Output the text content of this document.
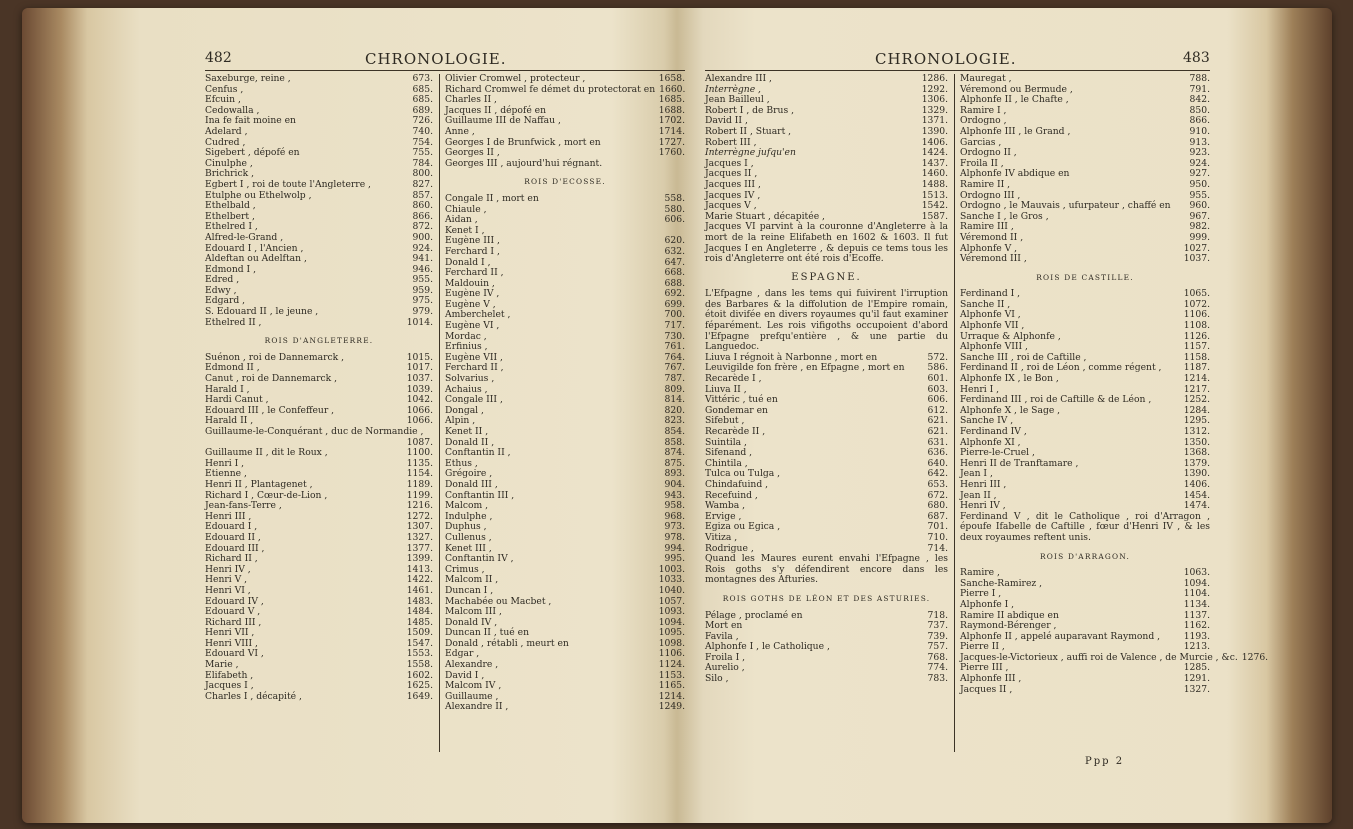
482	CHRONOLOGIE.
Saxeburge, reine ,	673.
Cenfus ,	685.
Efcuin ,	685.
Cedowalla ,	689.
Ina fe fait moine en	726.
Adelard ,	740.
Cudred ,	754.
Sigebert , dépofé en	755.
Cinulphe ,	784.
Brichrick ,	800.
Egbert I , roi de toute l'Angleterre ,	827.
Etulphe ou Ethelwolp ,	857.
Ethelbald ,	860.
Ethelbert ,	866.
Ethelred I ,	872.
Alfred-le-Grand ,	900.
Edouard I , l'Ancien ,	924.
Aldeftan ou Adelftan ,	941.
Edmond I ,	946.
Edred ,	955.
Edwy ,	959.
Edgard ,	975.
S. Edouard II , le jeune ,	979.
Ethelred II ,	1014.
ROIS D'ANGLETERRE.
Suénon , roi de Dannemarck ,	1015.
Edmond II ,	1017.
Canut , roi de Dannemarck ,	1037.
Harald I ,	1039.
Hardi Canut ,	1042.
Edouard III , le Confeffeur ,	1066.
Harald II ,	1066.
Guillaume-le-Conquérant , duc de Normandie ,
1087.
Guillaume II , dit le Roux ,	1100.
Henri I ,	1135.
Etienne ,	1154.
Henri II , Plantagenet ,	1189.
Richard I , Cœur-de-Lion ,	1199.
Jean-fans-Terre ,	1216.
Henri III ,	1272.
Edouard I ,	1307.
Edouard II ,	1327.
Edouard III ,	1377.
Richard II ,	1399.
Henri IV ,	1413.
Henri V ,	1422.
Henri VI ,	1461.
Edouard IV ,	1483.
Edouard V ,	1484.
Richard III ,	1485.
Henri VII ,	1509.
Henri VIII ,	1547.
Edouard VI ,	1553.
Marie ,	1558.
Elifabeth ,	1602.
Jacques I ,	1625.
Charles I , décapité ,	1649.
Olivier Cromwel , protecteur ,	1658.
Richard Cromwel fe démet du protectorat en 1660.
Charles II ,	1685.
Jacques II , dépofé en	1688.
Guillaume III de Naffau ,	1702.
Anne ,	1714.
Georges I de Brunfwick , mort en	1727.
Georges II ,	1760.
Georges III , aujourd'hui régnant.
ROIS D'ECOSSE.
Congale II , mort en	558.
Chiaule ,	580.
Aidan ,	606.
Kenet I ,
Eugène III ,	620.
Ferchard I ,	632.
Donald I ,	647.
Ferchard II ,	668.
Maldouin ,	688.
Eugène IV ,	692.
Eugène V ,	699.
Amberchelet ,	700.
Eugène VI ,	717.
Mordac ,	730.
Erfinius ,	761.
Eugène VII ,	764.
Ferchard II ,	767.
Solvarius ,	787.
Achaius ,	809.
Congale III ,	814.
Dongal ,	820.
Alpin ,	823.
Kenet II ,	854.
Donald II ,	858.
Conftantin II ,	874.
Ethus ,	875.
Grégoire ,	893.
Donald III ,	904.
Conftantin III ,	943.
Malcom ,	958.
Indulphe ,	968.
Duphus ,	973.
Cullenus ,	978.
Kenet III ,	994.
Conftantin IV ,	995.
Crimus ,	1003.
Malcom II ,	1033.
Duncan I ,	1040.
Machabée ou Macbet ,	1057.
Malcom III ,	1093.
Donald IV ,	1094.
Duncan II , tué en	1095.
Donald , rétabli , meurt en	1098.
Edgar ,	1106.
Alexandre ,	1124.
David I ,	1153.
Malcom IV ,	1165.
Guillaume ,	1214.
Alexandre II ,	1249.
CHRONOLOGIE.	483
Alexandre III ,	1286.
Interrègne ,	1292.
Jean Bailleul ,	1306.
Robert I , de Brus ,	1329.
David II ,	1371.
Robert II , Stuart ,	1390.
Robert III ,	1406.
Interrègne jufqu'en	1424.
Jacques I ,	1437.
Jacques II ,	1460.
Jacques III ,	1488.
Jacques IV ,	1513.
Jacques V ,	1542.
Marie Stuart , décapitée ,	1587.
Jacques VI parvint à la couronne d'Angleterre à la mort de la reine Elifabeth en 1602 & 1603. Il fut Jacques I en Angleterre , & depuis ce tems tous les rois d'Angleterre ont été rois d'Ecoffe.
ESPAGNE.
L'Efpagne , dans les tems qui fuivirent l'irruption des Barbares & la diffolution de l'Empire romain, étoit divifée en divers royaumes qu'il faut examiner féparément. Les rois vifigoths occupoient d'abord l'Efpagne prefqu'entière , & une partie du Languedoc.
Liuva I régnoit à Narbonne , mort en	572.
Leuvigilde fon frère , en Efpagne , mort en	586.
Recarède I ,	601.
Liuva II ,	603.
Vittéric , tué en	606.
Gondemar en	612.
Sifebut ,	621.
Recarède II ,	621.
Suintila ,	631.
Sifenand ,	636.
Chintila ,	640.
Tulca ou Tulga ,	642.
Chindafuind ,	653.
Recefuind ,	672.
Wamba ,	680.
Ervige ,	687.
Egiza ou Egica ,	701.
Vitiza ,	710.
Rodrigue ,	714.
Quand les Maures eurent envahi l'Efpagne , les Rois goths s'y défendirent encore dans les montagnes des Afturies.
ROIS GOTHS DE LÉON ET DES ASTURIES.
Pélage , proclamé en	718.
Mort en	737.
Favila ,	739.
Alphonfe I , le Catholique ,	757.
Froila I ,	768.
Aurelio ,	774.
Silo ,	783.
Mauregat ,	788.
Véremond ou Bermude ,	791.
Alphonfe II , le Chafte ,	842.
Ramire I ,	850.
Ordogno ,	866.
Alphonfe III , le Grand ,	910.
Garcias ,	913.
Ordogno II ,	923.
Froila II ,	924.
Alphonfe IV abdique en	927.
Ramire II ,	950.
Ordogno III ,	955.
Ordogno , le Mauvais , ufurpateur , chaffé en	960.
Sanche I , le Gros ,	967.
Ramire III ,	982.
Véremond II ,	999.
Alphonfe V ,	1027.
Véremond III ,	1037.
ROIS DE CASTILLE.
Ferdinand I ,	1065.
Sanche II ,	1072.
Alphonfe VI ,	1106.
Alphonfe VII ,	1108.
Urraque & Alphonfe ,	1126.
Alphonfe VIII ,	1157.
Sanche III , roi de Caftille ,	1158.
Ferdinand II , roi de Léon , comme régent ,	1187.
Alphonfe IX , le Bon ,	1214.
Henri I ,	1217.
Ferdinand III , roi de Caftille & de Léon ,	1252.
Alphonfe X , le Sage ,	1284.
Sanche IV ,	1295.
Ferdinand IV ,	1312.
Alphonfe XI ,	1350.
Pierre-le-Cruel ,	1368.
Henri II de Tranftamare ,	1379.
Jean I ,	1390.
Henri III ,	1406.
Jean II ,	1454.
Henri IV ,	1474.
Ferdinand V , dit le Catholique , roi d'Arragon , époufe Ifabelle de Caftille , fœur d'Henri IV , & les deux royaumes reftent unis.
ROIS D'ARRAGON.
Ramire ,	1063.
Sanche-Ramirez ,	1094.
Pierre I ,	1104.
Alphonfe I ,	1134.
Ramire II abdique en	1137.
Raymond-Bérenger ,	1162.
Alphonfe II , appelé auparavant Raymond ,	1193.
Pierre II ,	1213.
Jacques-le-Victorieux , auffi roi de Valence , de Murcie , &c. 1276.
Pierre III ,	1285.
Alphonfe III ,	1291.
Jacques II ,	1327.
Ppp 2
